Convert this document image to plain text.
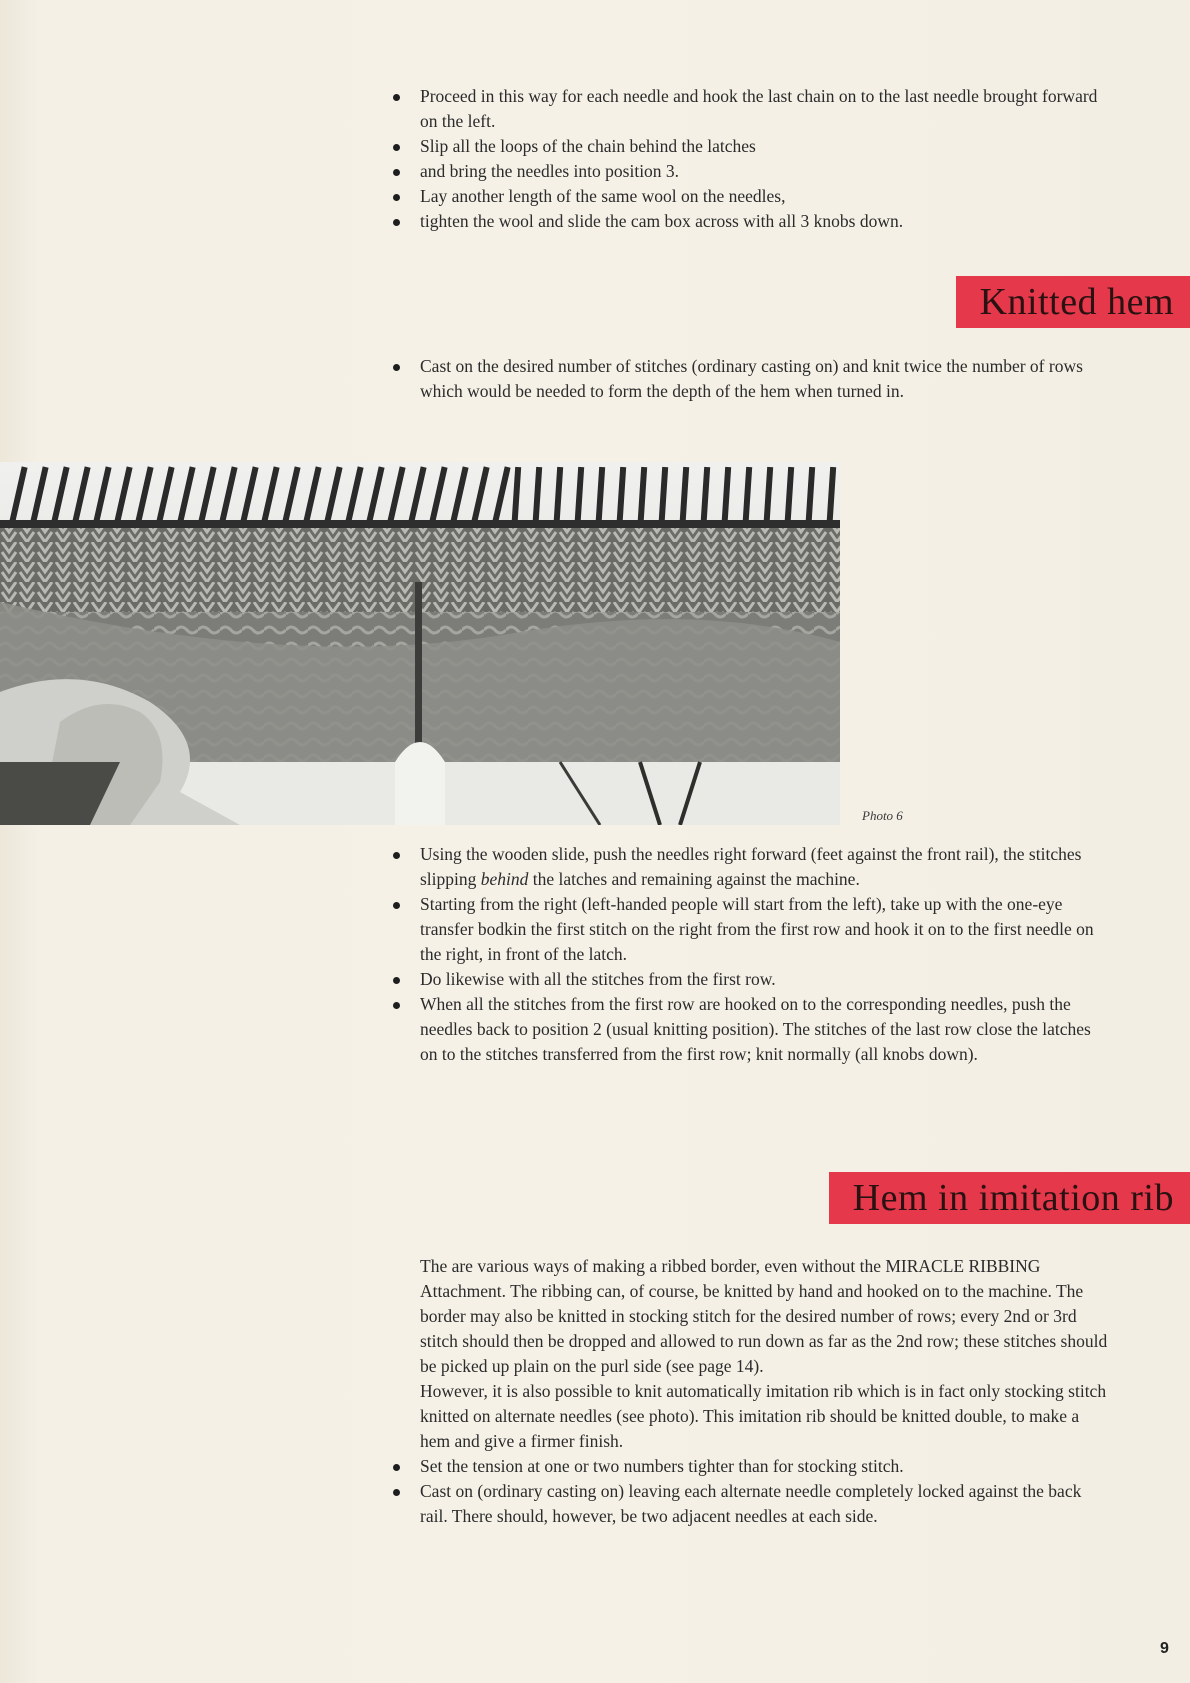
Proceed in this way for each needle and hook the last chain on to the last needle brought forward on the left.
Slip all the loops of the chain behind the latches
and bring the needles into position 3.
Lay another length of the same wool on the needles,
tighten the wool and slide the cam box across with all 3 knobs down.
Knitted hem
Cast on the desired number of stitches (ordinary casting on) and knit twice the number of rows which would be needed to form the depth of the hem when turned in.
Photo 6
Using the wooden slide, push the needles right forward (feet against the front rail), the stitches slipping behind the latches and remaining against the machine.
Starting from the right (left-handed people will start from the left), take up with the one-eye transfer bodkin the first stitch on the right from the first row and hook it on to the first needle on the right, in front of the latch.
Do likewise with all the stitches from the first row.
When all the stitches from the first row are hooked on to the corresponding needles, push the needles back to position 2 (usual knitting position). The stitches of the last row close the latches on to the stitches transferred from the first row; knit normally (all knobs down).
Hem in imitation rib

The are various ways of making a ribbed border, even without the MIRACLE RIBBING Attachment. The ribbing can, of course, be knitted by hand and hooked on to the machine. The border may also be knitted in stocking stitch for the desired number of rows; every 2nd or 3rd stitch should then be dropped and allowed to run down as far as the 2nd row; these stitches should be picked up plain on the purl side (see page 14).

However, it is also possible to knit automatically imitation rib which is in fact only stocking stitch knitted on alternate needles (see photo). This imitation rib should be knitted double, to make a hem and give a firmer finish.

Set the tension at one or two numbers tighter than for stocking stitch.
Cast on (ordinary casting on) leaving each alternate needle completely locked against the back rail. There should, however, be two adjacent needles at each side.
9
